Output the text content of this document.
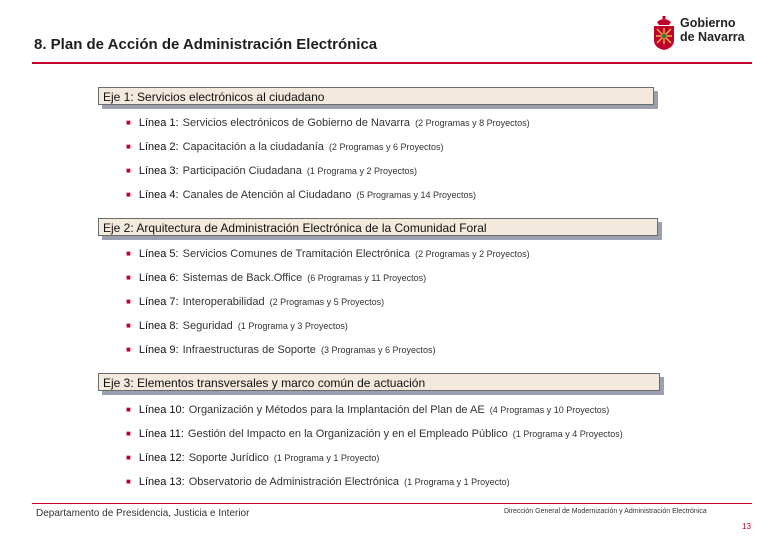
8. Plan de Acción de Administración Electrónica
Gobierno
de Navarra
Eje 1: Servicios electrónicos al ciudadano
■ Línea 1: Servicios electrónicos de Gobierno de Navarra (2 Programas y 8 Proyectos)
■ Línea 2: Capacitación a la ciudadanía (2 Programas y 6 Proyectos)
■ Línea 3: Participación Ciudadana (1 Programa y 2 Proyectos)
■ Línea 4: Canales de Atención al Ciudadano (5 Programas y 14 Proyectos)
Eje 2: Arquitectura de Administración Electrónica de la Comunidad Foral
■ Línea 5: Servicios Comunes de Tramitación Electrónica (2 Programas y 2 Proyectos)
■ Línea 6: Sistemas de Back.Office (6 Programas y 11 Proyectos)
■ Línea 7: Interoperabilidad (2 Programas y 5 Proyectos)
■ Línea 8: Seguridad (1 Programa y 3 Proyectos)
■ Línea 9: Infraestructuras de Soporte (3 Programas y 6 Proyectos)
Eje 3: Elementos transversales y marco común de actuación
■ Línea 10: Organización y Métodos para la Implantación del Plan de AE (4 Programas y 10 Proyectos)
■ Línea 11: Gestión del Impacto en la Organización y en el Empleado Público (1 Programa y 4 Proyectos)
■ Línea 12: Soporte Jurídico (1 Programa y 1 Proyecto)
■ Línea 13: Observatorio de Administración Electrónica (1 Programa y 1 Proyecto)
Departamento de Presidencia, Justicia e Interior	Dirección General de Modernización y Administración Electrónica
13
